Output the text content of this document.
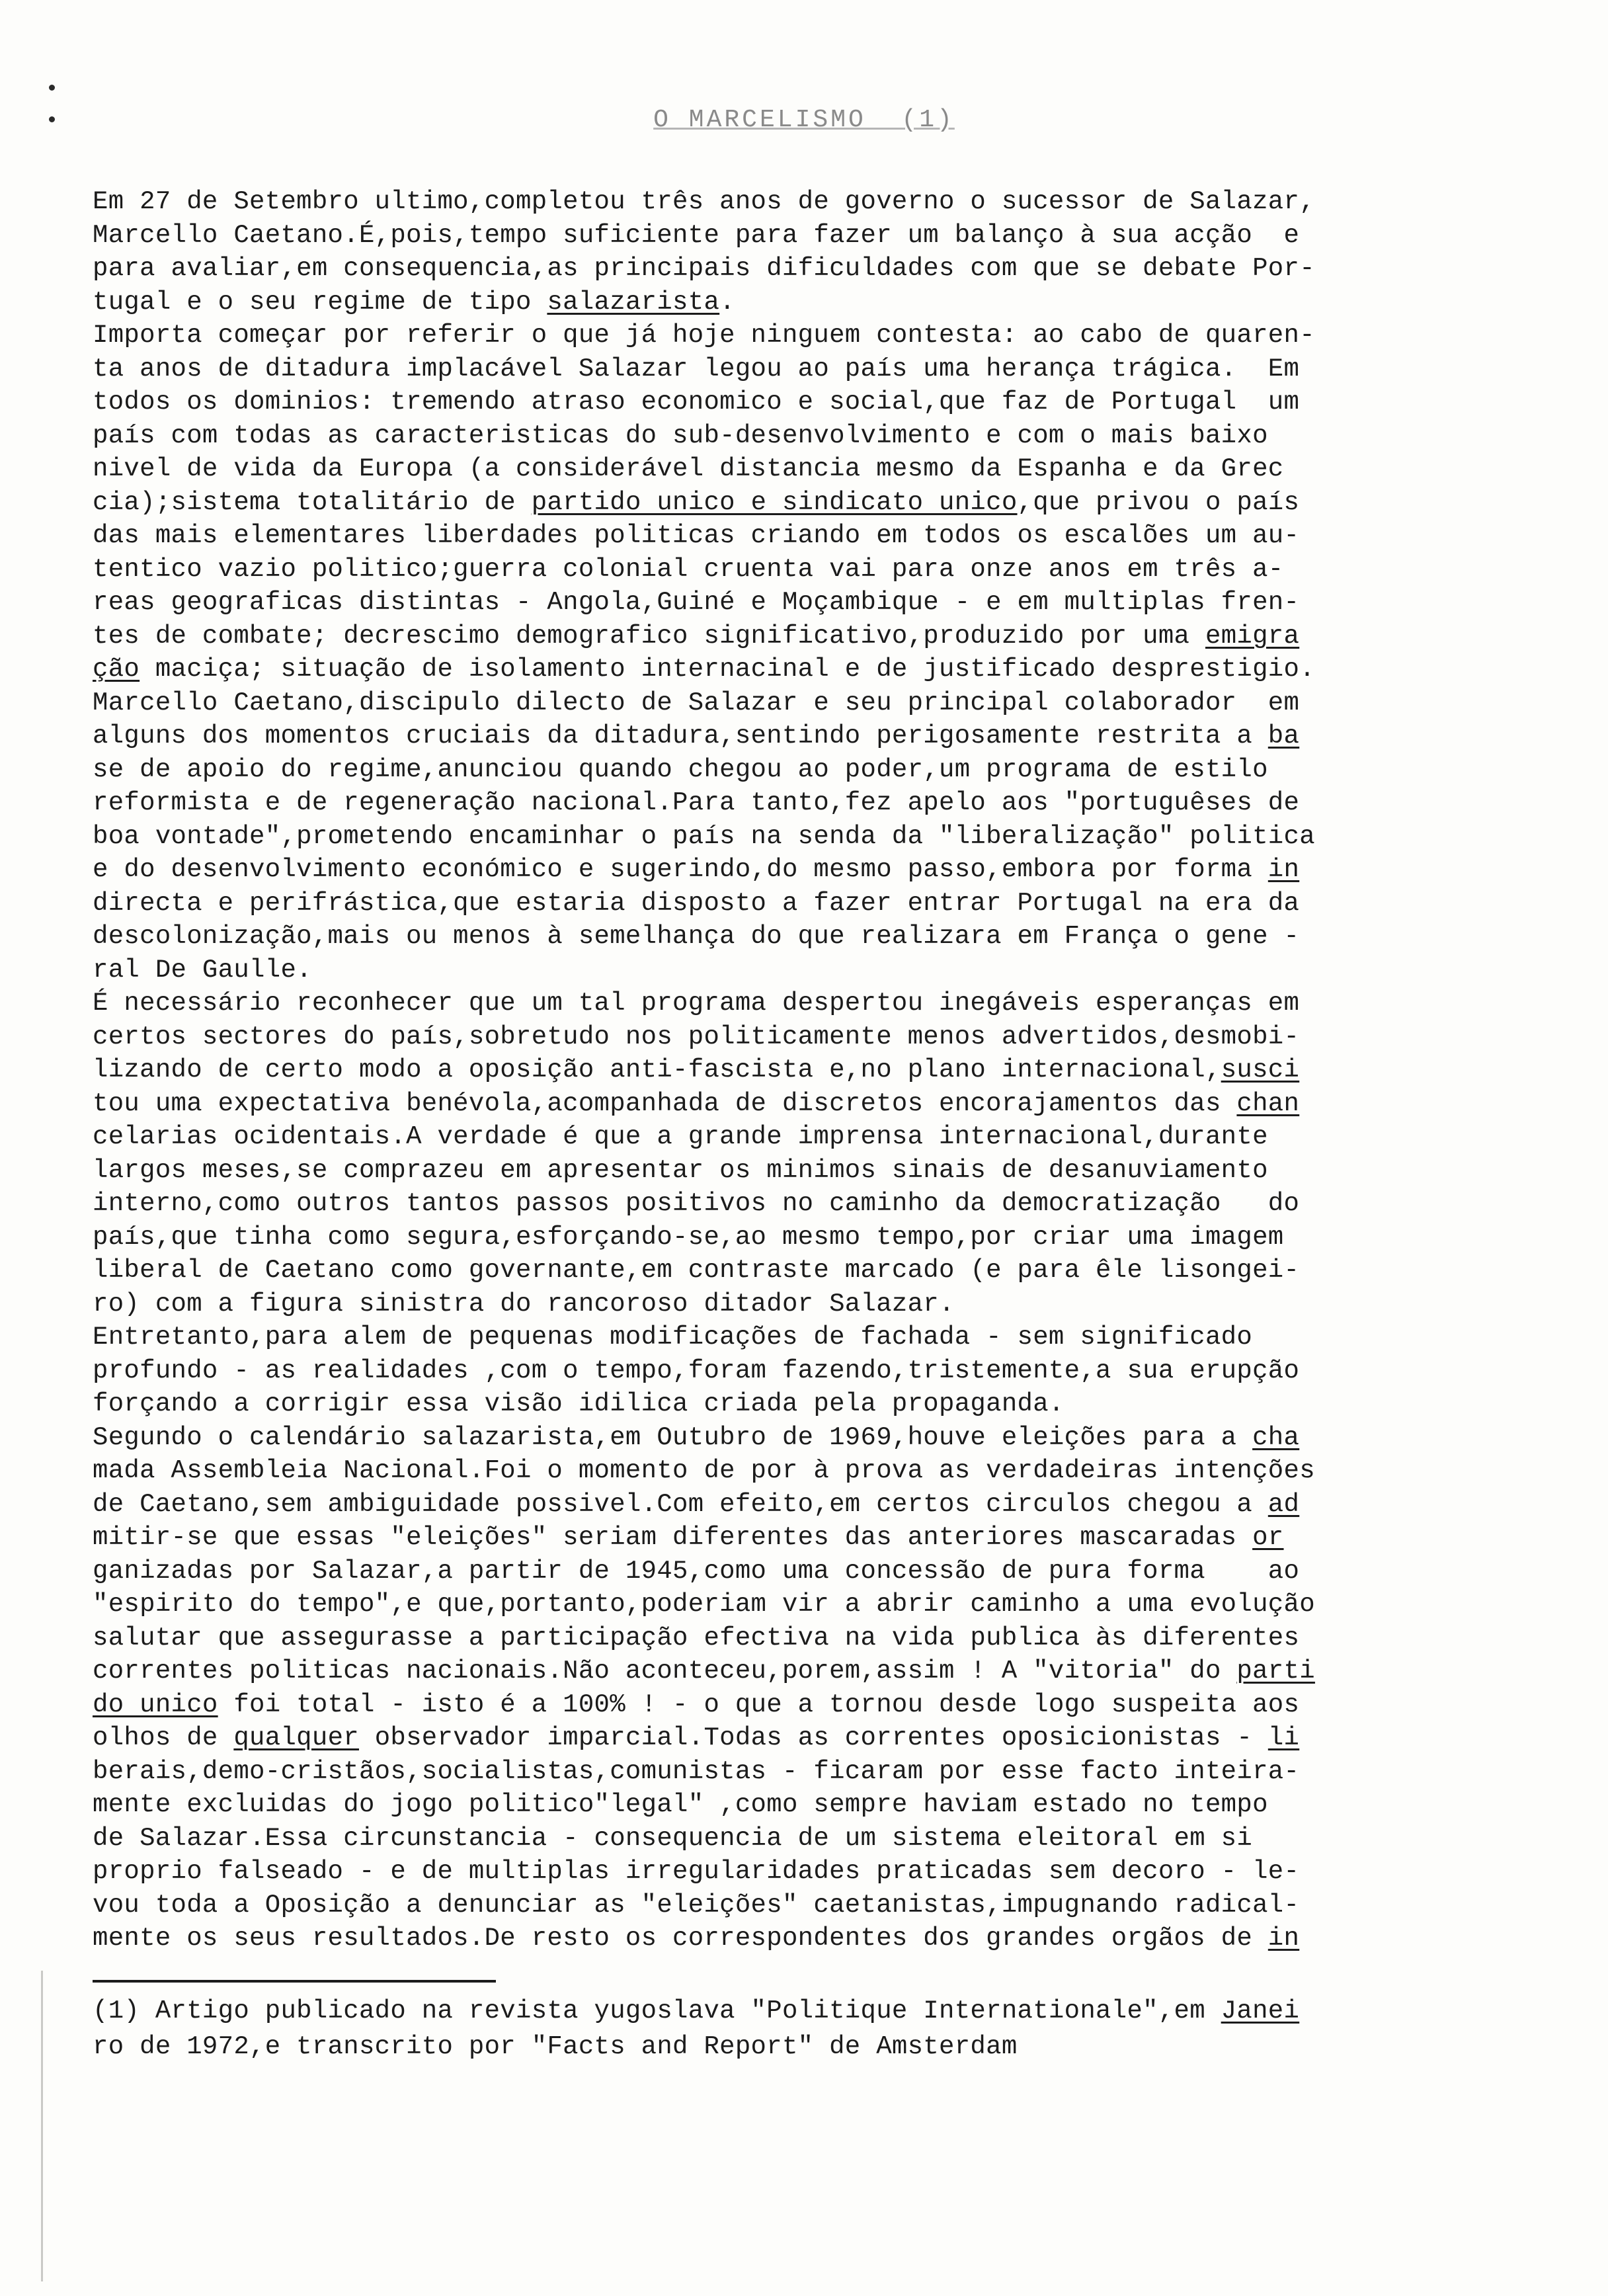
O MARCELISMO  (1)
Em 27 de Setembro ultimo,completou três anos de governo o sucessor de Salazar,
Marcello Caetano.É,pois,tempo suficiente para fazer um balanço à sua acção  e
para avaliar,em consequencia,as principais dificuldades com que se debate Por-
tugal e o seu regime de tipo salazarista.
Importa começar por referir o que já hoje ninguem contesta: ao cabo de quaren-
ta anos de ditadura implacável Salazar legou ao país uma herança trágica.  Em
todos os dominios: tremendo atraso economico e social,que faz de Portugal  um
país com todas as caracteristicas do sub-desenvolvimento e com o mais baixo
nivel de vida da Europa (a considerável distancia mesmo da Espanha e da Grec
cia);sistema totalitário de partido unico e sindicato unico,que privou o país
das mais elementares liberdades politicas criando em todos os escalões um au-
tentico vazio politico;guerra colonial cruenta vai para onze anos em três a-
reas geograficas distintas - Angola,Guiné e Moçambique - e em multiplas fren-
tes de combate; decrescimo demografico significativo,produzido por uma emigra
ção maciça; situação de isolamento internacinal e de justificado desprestigio.
Marcello Caetano,discipulo dilecto de Salazar e seu principal colaborador  em
alguns dos momentos cruciais da ditadura,sentindo perigosamente restrita a ba
se de apoio do regime,anunciou quando chegou ao poder,um programa de estilo
reformista e de regeneração nacional.Para tanto,fez apelo aos "portuguêses de
boa vontade",prometendo encaminhar o país na senda da "liberalização" politica
e do desenvolvimento económico e sugerindo,do mesmo passo,embora por forma in
directa e perifrástica,que estaria disposto a fazer entrar Portugal na era da
descolonização,mais ou menos à semelhança do que realizara em França o gene -
ral De Gaulle.
É necessário reconhecer que um tal programa despertou inegáveis esperanças em
certos sectores do país,sobretudo nos politicamente menos advertidos,desmobi-
lizando de certo modo a oposição anti-fascista e,no plano internacional,susci
tou uma expectativa benévola,acompanhada de discretos encorajamentos das chan
celarias ocidentais.A verdade é que a grande imprensa internacional,durante
largos meses,se comprazeu em apresentar os minimos sinais de desanuviamento
interno,como outros tantos passos positivos no caminho da democratização   do
país,que tinha como segura,esforçando-se,ao mesmo tempo,por criar uma imagem
liberal de Caetano como governante,em contraste marcado (e para êle lisongei-
ro) com a figura sinistra do rancoroso ditador Salazar.
Entretanto,para alem de pequenas modificações de fachada - sem significado
profundo - as realidades ,com o tempo,foram fazendo,tristemente,a sua erupção
forçando a corrigir essa visão idilica criada pela propaganda.
Segundo o calendário salazarista,em Outubro de 1969,houve eleições para a cha
mada Assembleia Nacional.Foi o momento de por à prova as verdadeiras intenções
de Caetano,sem ambiguidade possivel.Com efeito,em certos circulos chegou a ad
mitir-se que essas "eleições" seriam diferentes das anteriores mascaradas or
ganizadas por Salazar,a partir de 1945,como uma concessão de pura forma    ao
"espirito do tempo",e que,portanto,poderiam vir a abrir caminho a uma evolução
salutar que assegurasse a participação efectiva na vida publica às diferentes
correntes politicas nacionais.Não aconteceu,porem,assim ! A "vitoria" do parti
do unico foi total - isto é a 100% ! - o que a tornou desde logo suspeita aos
olhos de qualquer observador imparcial.Todas as correntes oposicionistas - li
berais,demo-cristãos,socialistas,comunistas - ficaram por esse facto inteira-
mente excluidas do jogo politico"legal" ,como sempre haviam estado no tempo
de Salazar.Essa circunstancia - consequencia de um sistema eleitoral em si
proprio falseado - e de multiplas irregularidades praticadas sem decoro - le-
vou toda a Oposição a denunciar as "eleições" caetanistas,impugnando radical-
mente os seus resultados.De resto os correspondentes dos grandes orgãos de in
(1) Artigo publicado na revista yugoslava "Politique Internationale",em Janei
ro de 1972,e transcrito por "Facts and Report" de Amsterdam
